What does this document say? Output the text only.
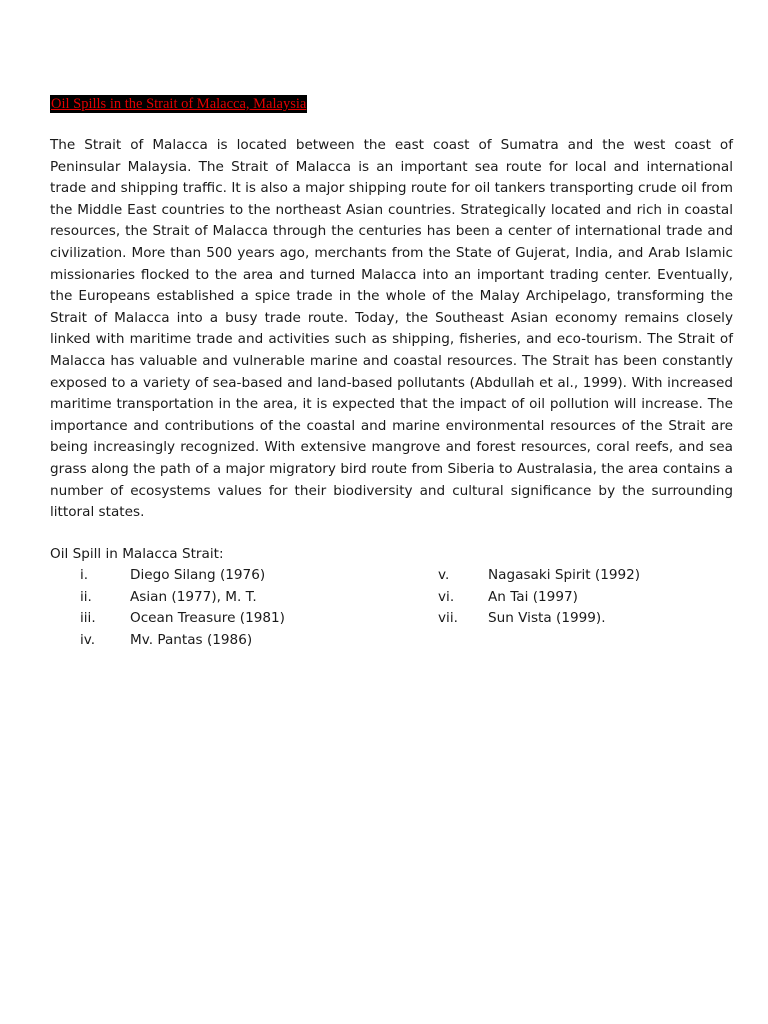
Oil Spills in the Strait of Malacca, Malaysia

The Strait of Malacca is located between the east coast of Sumatra and the west coast of Peninsular Malaysia. The Strait of Malacca is an important sea route for local and international trade and shipping traffic. It is also a major shipping route for oil tankers transporting crude oil from the Middle East countries to the northeast Asian countries. Strategically located and rich in coastal resources, the Strait of Malacca through the centuries has been a center of international trade and civilization. More than 500 years ago, merchants from the State of Gujerat, India, and Arab Islamic missionaries flocked to the area and turned Malacca into an important trading center. Eventually, the Europeans established a spice trade in the whole of the Malay Archipelago, transforming the Strait of Malacca into a busy trade route. Today, the Southeast Asian economy remains closely linked with maritime trade and activities such as shipping, fisheries, and eco-tourism. The Strait of Malacca has valuable and vulnerable marine and coastal resources. The Strait has been constantly exposed to a variety of sea-based and land-based pollutants (Abdullah et al., 1999). With increased maritime transportation in the area, it is expected that the impact of oil pollution will increase. The importance and contributions of the coastal and marine environmental resources of the Strait are being increasingly recognized. With extensive mangrove and forest resources, coral reefs, and sea grass along the path of a major migratory bird route from Siberia to Australasia, the area contains a number of ecosystems values for their biodiversity and cultural significance by the surrounding littoral states.

Oil Spill in Malacca Strait:
i.	Diego Silang (1976)
ii.	Asian (1977), M. T.
iii.	Ocean Treasure (1981)
iv.	Mv. Pantas (1986)
v.	Nagasaki Spirit (1992)
vi.	An Tai (1997)
vii.	Sun Vista (1999).
